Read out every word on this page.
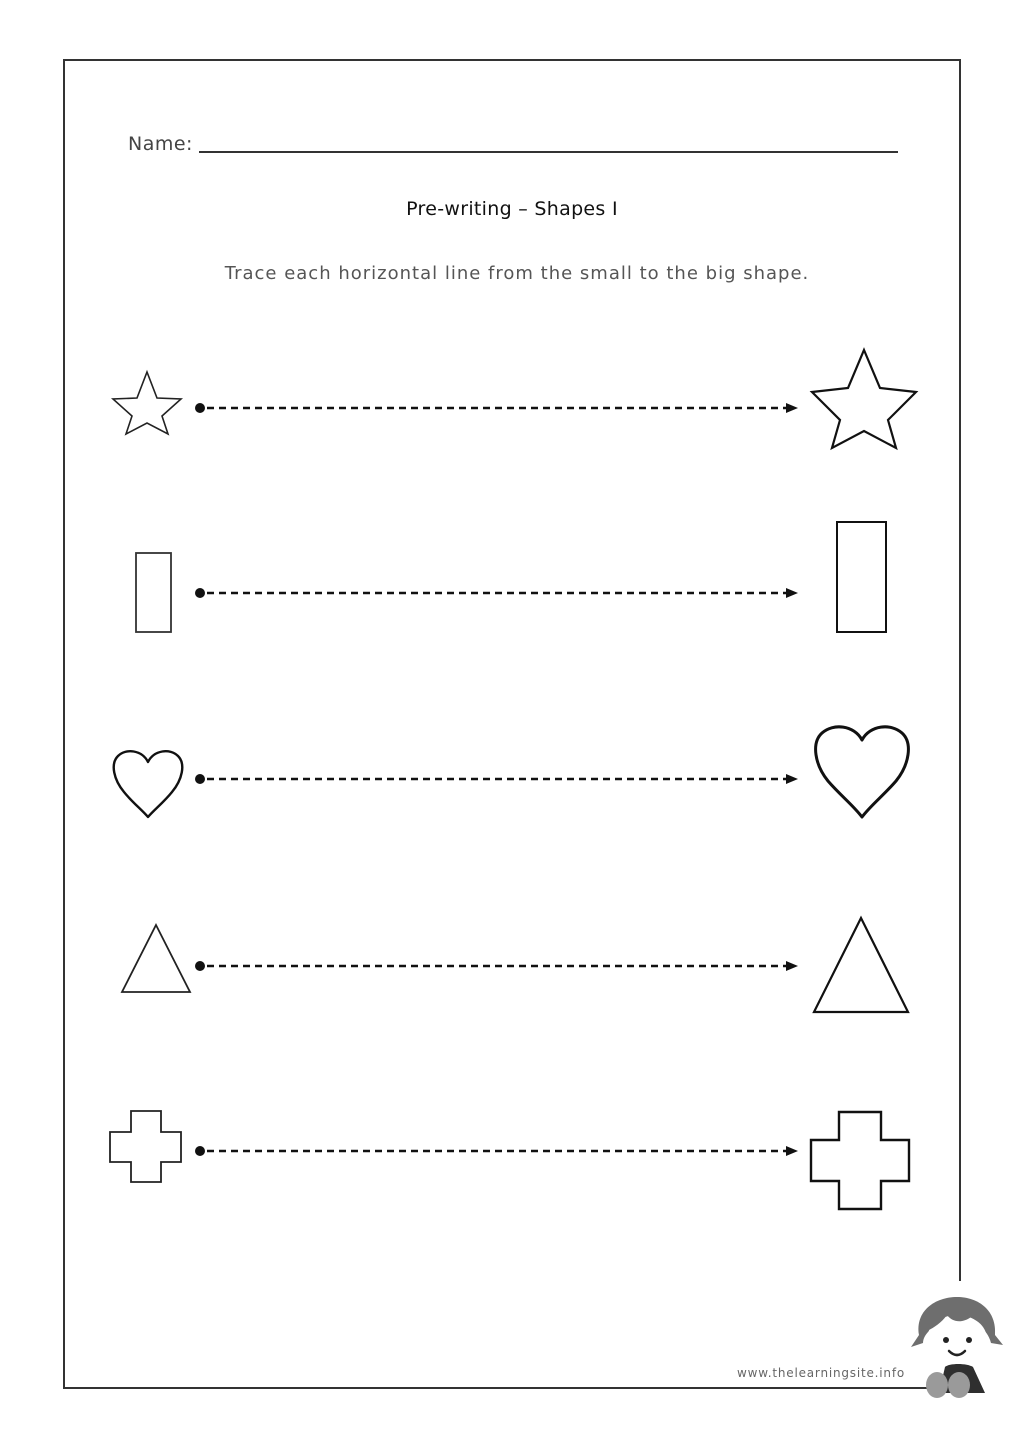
Name:
Pre-writing – Shapes I
Trace each horizontal line from the small to the big shape.
www.thelearningsite.info
